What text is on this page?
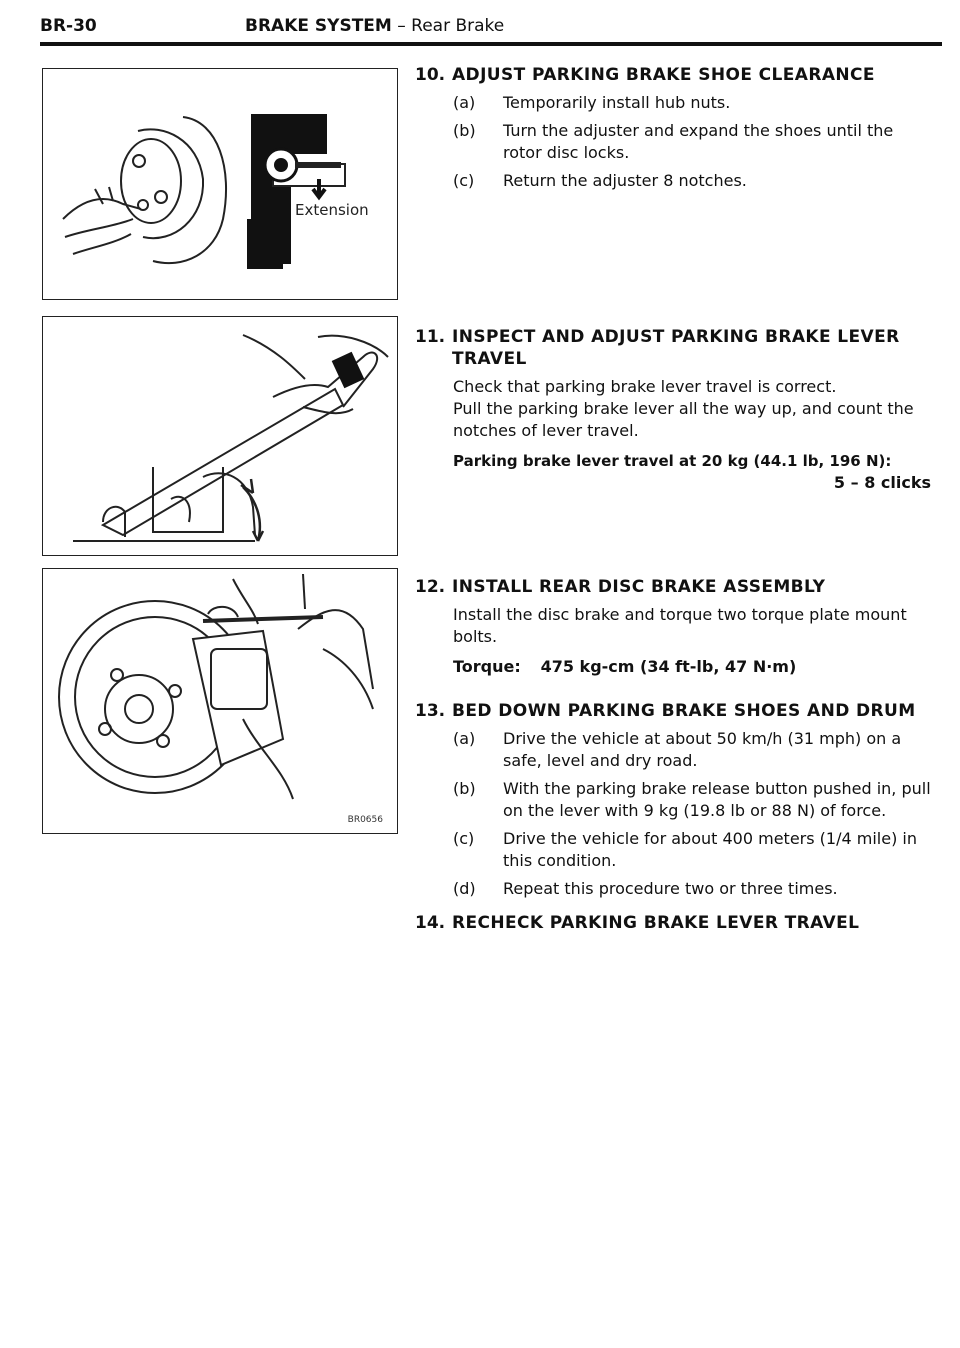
BR-30	BRAKE SYSTEM – Rear Brake
Extension
BR0656
10. ADJUST PARKING BRAKE SHOE CLEARANCE
(a) Temporarily install hub nuts.
(b) Turn the adjuster and expand the shoes until the rotor disc locks.
(c) Return the adjuster 8 notches.
11. INSPECT AND ADJUST PARKING BRAKE LEVER TRAVEL
Check that parking brake lever travel is correct.
Pull the parking brake lever all the way up, and count the notches of lever travel.
Parking brake lever travel at 20 kg (44.1 lb, 196 N):
5 – 8 clicks
12. INSTALL REAR DISC BRAKE ASSEMBLY
Install the disc brake and torque two torque plate mount bolts.
Torque: 475 kg-cm (34 ft-lb, 47 N·m)
13. BED DOWN PARKING BRAKE SHOES AND DRUM
(a) Drive the vehicle at about 50 km/h (31 mph) on a safe, level and dry road.
(b) With the parking brake release button pushed in, pull on the lever with 9 kg (19.8 lb or 88 N) of force.
(c) Drive the vehicle for about 400 meters (1/4 mile) in this condition.
(d) Repeat this procedure two or three times.
14. RECHECK PARKING BRAKE LEVER TRAVEL
